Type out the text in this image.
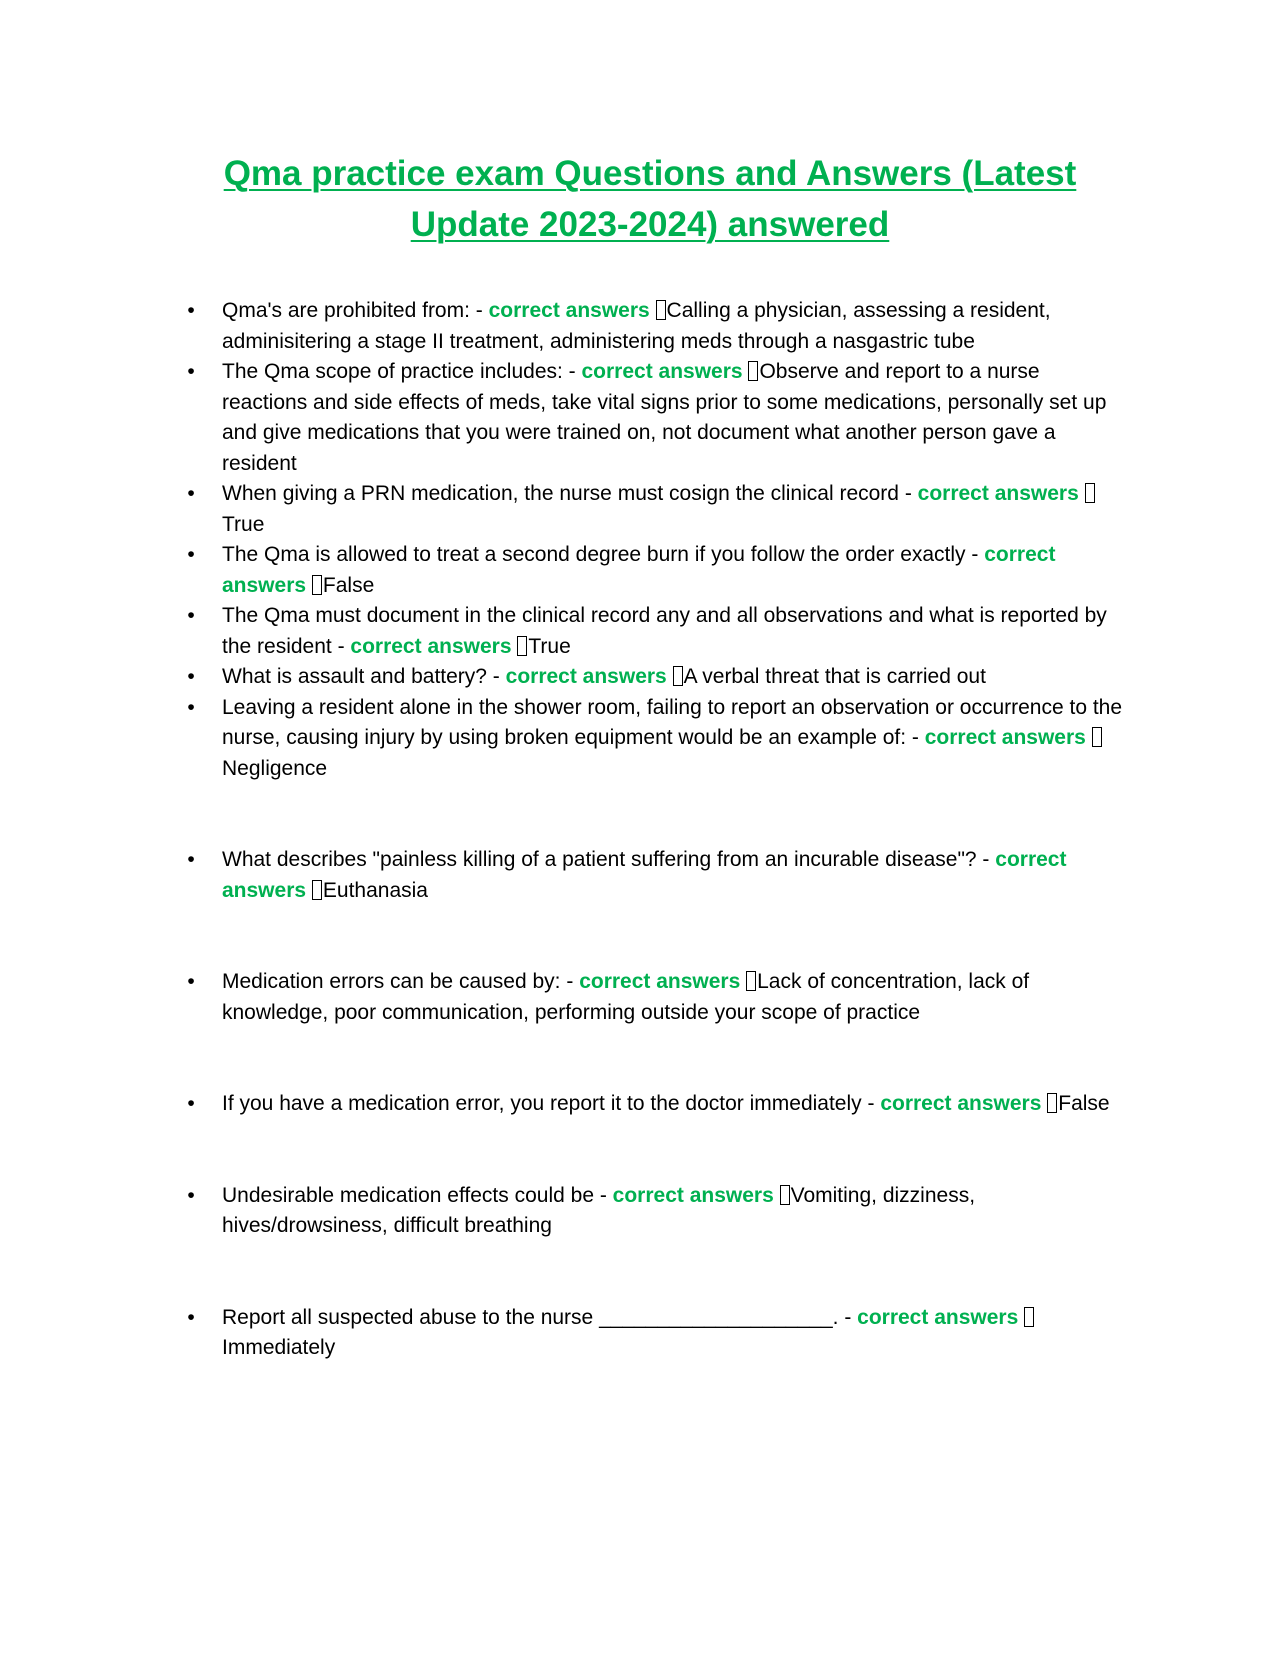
Qma practice exam Questions and Answers (Latest Update 2023-2024) answered
• Qma's are prohibited from: - correct answers Calling a physician, assessing a resident, adminisitering a stage II treatment, administering meds through a nasgastric tube
• The Qma scope of practice includes: - correct answers Observe and report to a nurse reactions and side effects of meds, take vital signs prior to some medications, personally set up and give medications that you were trained on, not document what another person gave a resident
• When giving a PRN medication, the nurse must cosign the clinical record - correct answers True
• The Qma is allowed to treat a second degree burn if you follow the order exactly - correct answers False
• The Qma must document in the clinical record any and all observations and what is reported by the resident - correct answers True
• What is assault and battery? - correct answers A verbal threat that is carried out
• Leaving a resident alone in the shower room, failing to report an observation or occurrence to the nurse, causing injury by using broken equipment would be an example of: - correct answers Negligence
• What describes "painless killing of a patient suffering from an incurable disease"? - correct answers Euthanasia
• Medication errors can be caused by: - correct answers Lack of concentration, lack of knowledge, poor communication, performing outside your scope of practice
• If you have a medication error, you report it to the doctor immediately - correct answers False
• Undesirable medication effects could be - correct answers Vomiting, dizziness, hives/drowsiness, difficult breathing
• Report all suspected abuse to the nurse ____________________. - correct answers Immediately
